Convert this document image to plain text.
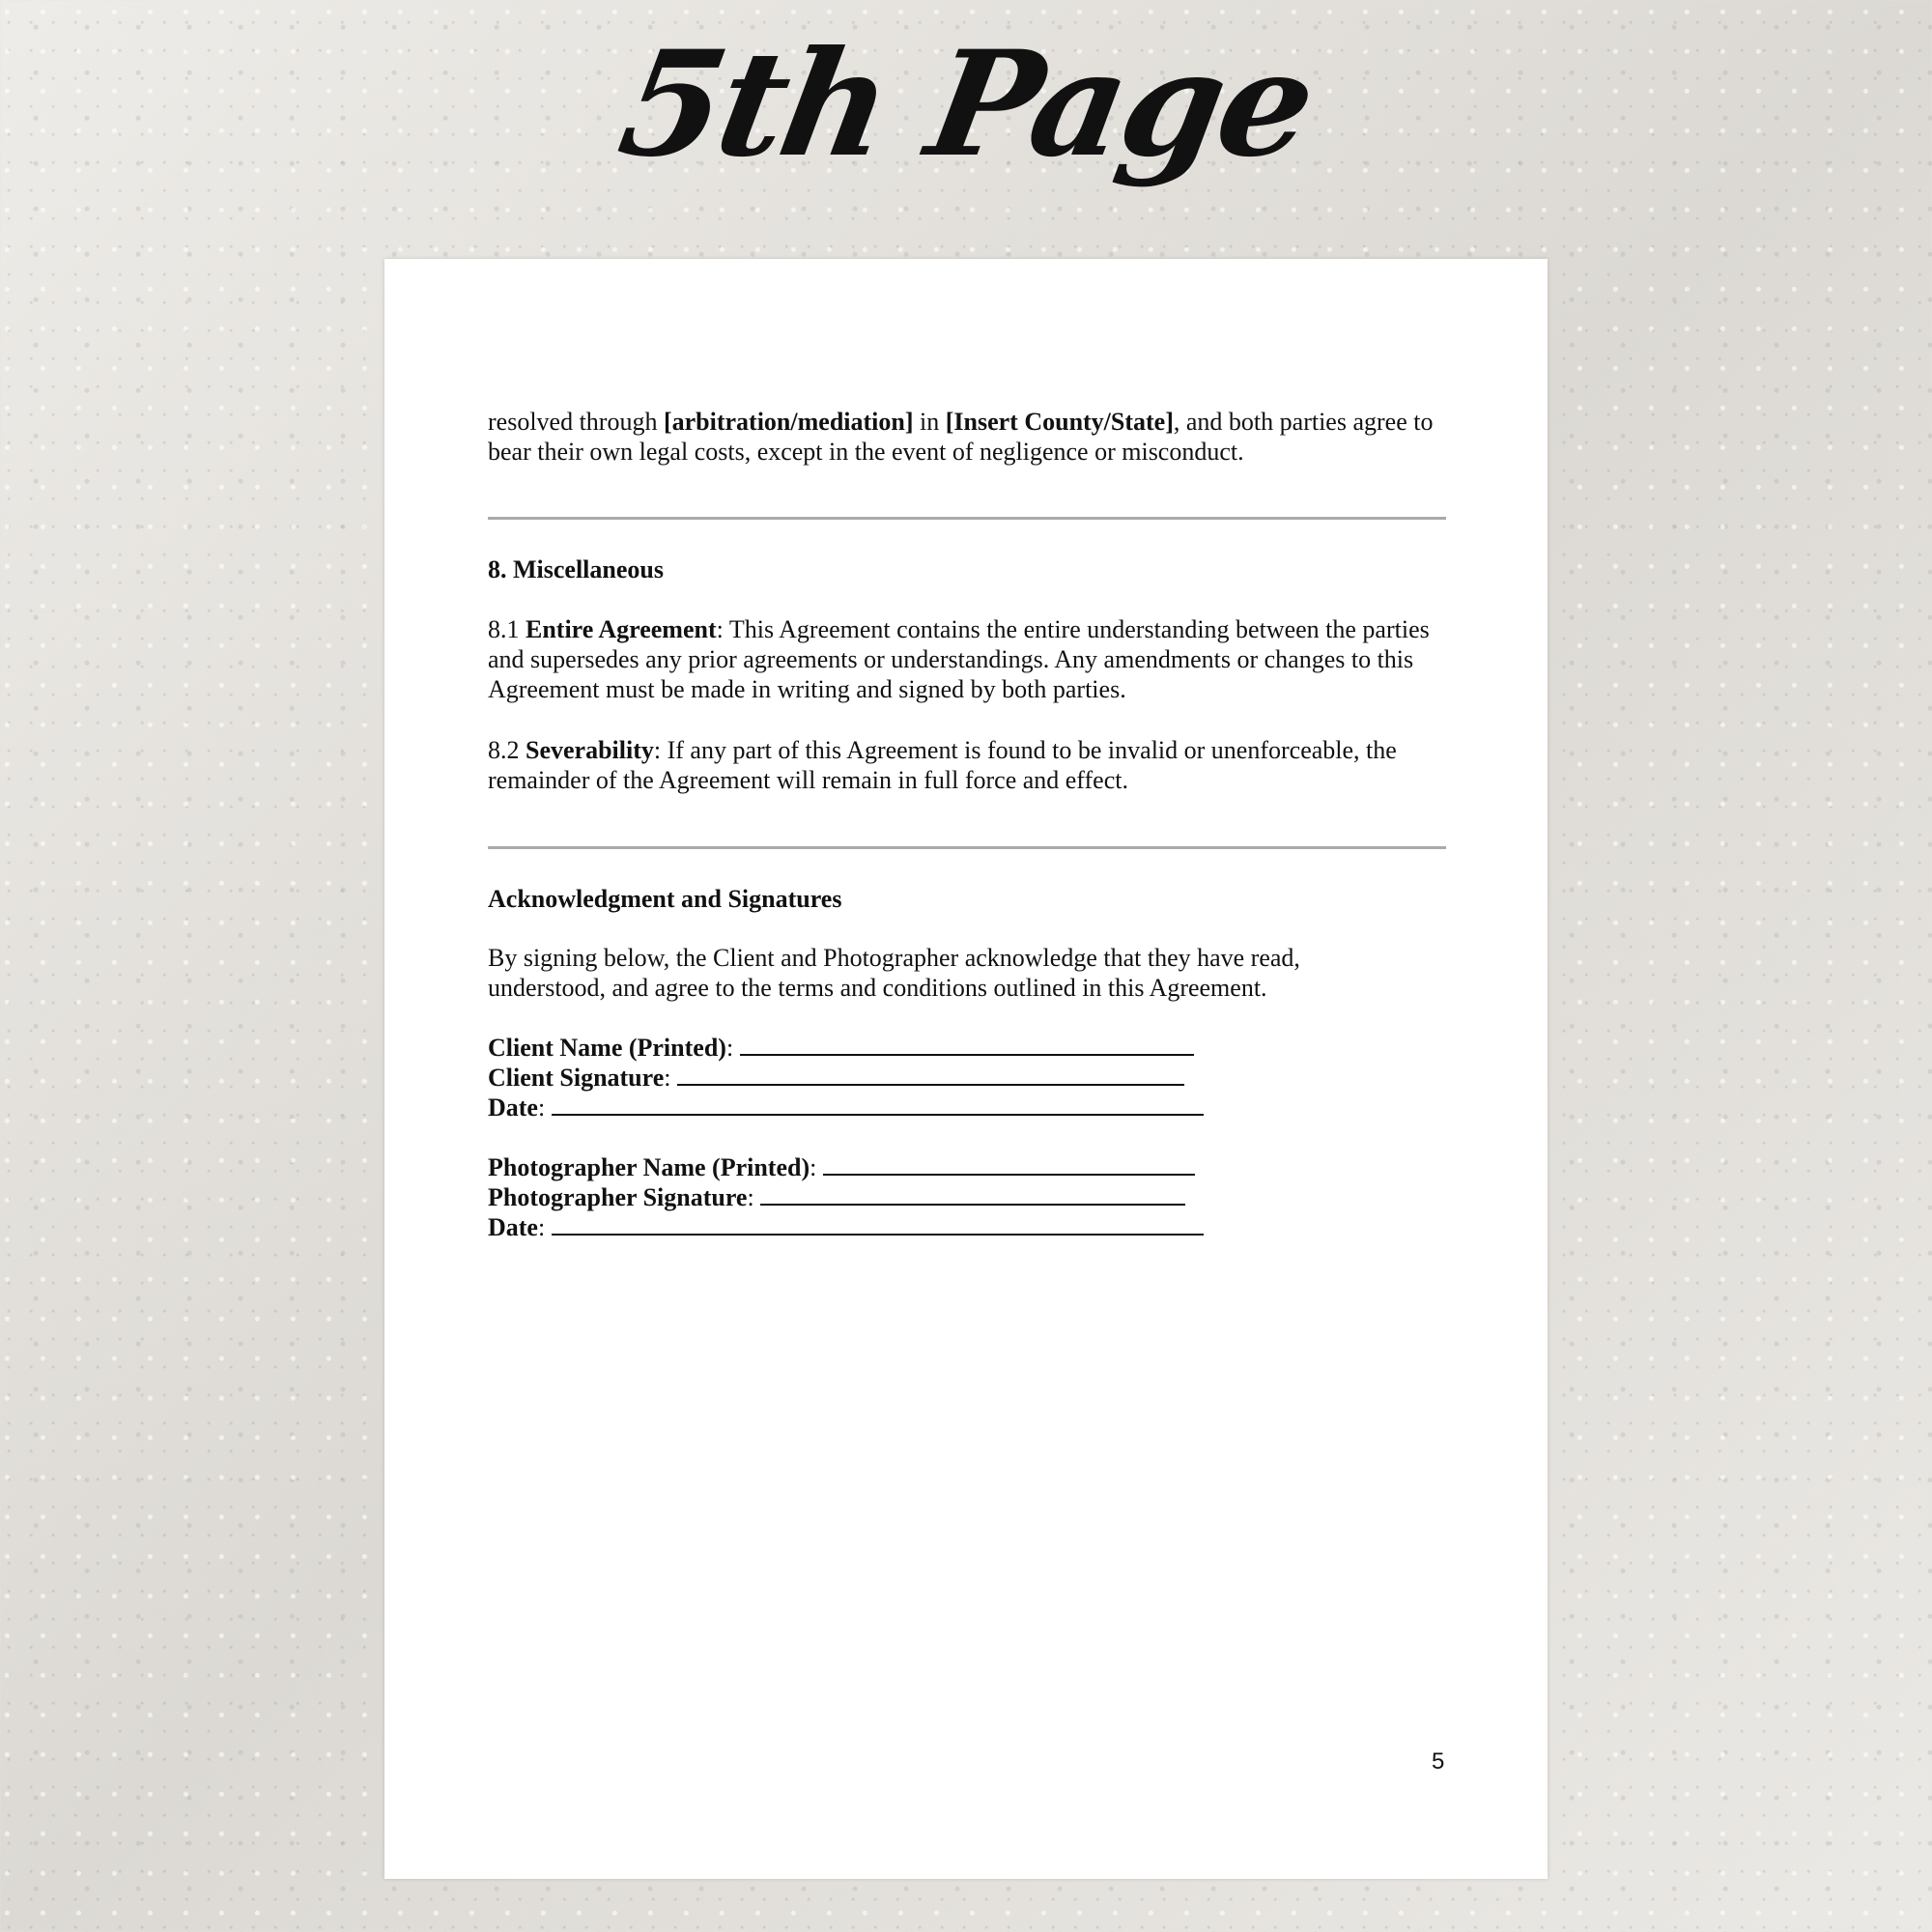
5th Page
resolved through [arbitration/mediation] in [Insert County/State], and both parties agree to bear their own legal costs, except in the event of negligence or misconduct.
8. Miscellaneous
8.1 Entire Agreement: This Agreement contains the entire understanding between the parties and supersedes any prior agreements or understandings. Any amendments or changes to this Agreement must be made in writing and signed by both parties.
8.2 Severability: If any part of this Agreement is found to be invalid or unenforceable, the remainder of the Agreement will remain in full force and effect.
Acknowledgment and Signatures
By signing below, the Client and Photographer acknowledge that they have read, understood, and agree to the terms and conditions outlined in this Agreement.
Client Name (Printed):
Client Signature:
Date:
Photographer Name (Printed):
Photographer Signature:
Date:
5
